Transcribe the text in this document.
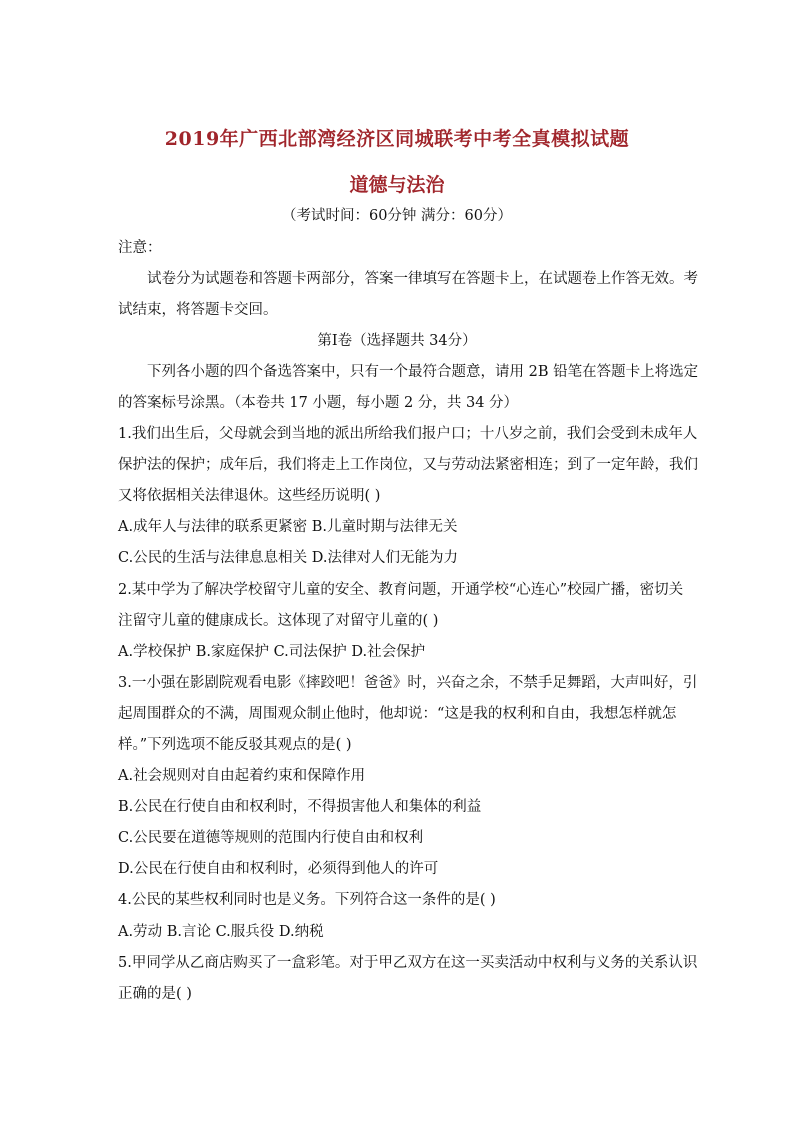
2019年广西北部湾经济区同城联考中考全真模拟试题
道德与法治
（考试时间：60分钟 满分：60分）
注意：
试卷分为试题卷和答题卡两部分，答案一律填写在答题卡上，在试题卷上作答无效。考
试结束，将答题卡交回。
第Ⅰ卷（选择题共 34分）
下列各小题的四个备选答案中，只有一个最符合题意，请用 2B 铅笔在答题卡上将选定
的答案标号涂黑。（本卷共 17 小题，每小题 2 分，共 34 分）
1.我们出生后，父母就会到当地的派出所给我们报户口；十八岁之前，我们会受到未成年人
保护法的保护；成年后，我们将走上工作岗位，又与劳动法紧密相连；到了一定年龄，我们
又将依据相关法律退休。这些经历说明( )
A.成年人与法律的联系更紧密 B.儿童时期与法律无关
C.公民的生活与法律息息相关 D.法律对人们无能为力
2.某中学为了解决学校留守儿童的安全、教育问题，开通学校“心连心”校园广播，密切关
注留守儿童的健康成长。这体现了对留守儿童的( )
A.学校保护 B.家庭保护 C.司法保护 D.社会保护
3.一小强在影剧院观看电影《摔跤吧！爸爸》时，兴奋之余，不禁手足舞蹈，大声叫好，引
起周围群众的不满，周围观众制止他时，他却说：“这是我的权利和自由，我想怎样就怎
样。”下列选项不能反驳其观点的是( )
A.社会规则对自由起着约束和保障作用
B.公民在行使自由和权利时，不得损害他人和集体的利益
C.公民要在道德等规则的范围内行使自由和权利
D.公民在行使自由和权利时，必须得到他人的许可
4.公民的某些权利同时也是义务。下列符合这一条件的是( )
A.劳动 B.言论 C.服兵役 D.纳税
5.甲同学从乙商店购买了一盒彩笔。对于甲乙双方在这一买卖活动中权利与义务的关系认识
正确的是( )
